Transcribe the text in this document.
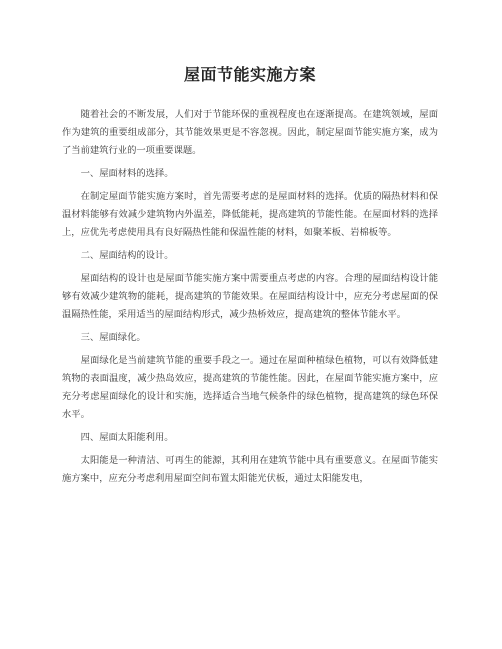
屋面节能实施方案

随着社会的不断发展，人们对于节能环保的重视程度也在逐渐提高。在建筑领域，屋面作为建筑的重要组成部分，其节能效果更是不容忽视。因此，制定屋面节能实施方案，成为了当前建筑行业的一项重要课题。

一、屋面材料的选择。

在制定屋面节能实施方案时，首先需要考虑的是屋面材料的选择。优质的隔热材料和保温材料能够有效减少建筑物内外温差，降低能耗，提高建筑的节能性能。在屋面材料的选择上，应优先考虑使用具有良好隔热性能和保温性能的材料，如聚苯板、岩棉板等。

二、屋面结构的设计。

屋面结构的设计也是屋面节能实施方案中需要重点考虑的内容。合理的屋面结构设计能够有效减少建筑物的能耗，提高建筑的节能效果。在屋面结构设计中，应充分考虑屋面的保温隔热性能，采用适当的屋面结构形式，减少热桥效应，提高建筑的整体节能水平。

三、屋面绿化。

屋面绿化是当前建筑节能的重要手段之一。通过在屋面种植绿色植物，可以有效降低建筑物的表面温度，减少热岛效应，提高建筑的节能性能。因此，在屋面节能实施方案中，应充分考虑屋面绿化的设计和实施，选择适合当地气候条件的绿色植物，提高建筑的绿色环保水平。

四、屋面太阳能利用。

太阳能是一种清洁、可再生的能源，其利用在建筑节能中具有重要意义。在屋面节能实施方案中，应充分考虑利用屋面空间布置太阳能光伏板，通过太阳能发电，
